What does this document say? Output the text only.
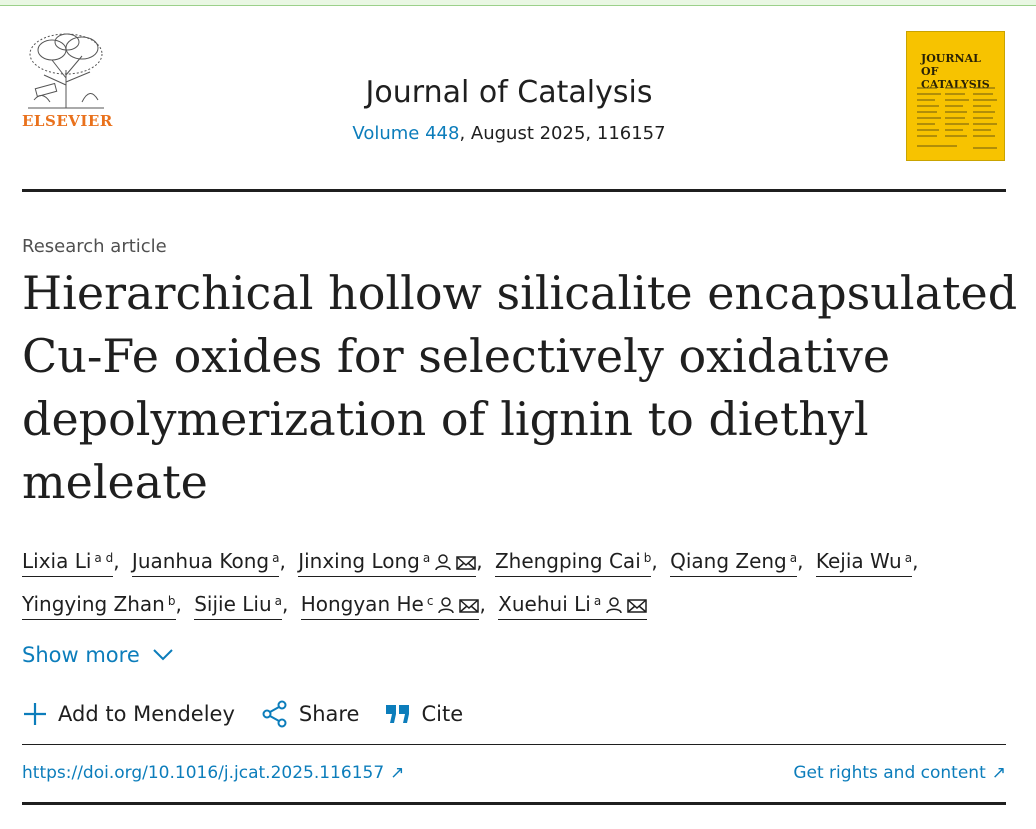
ELSEVIER
Journal of Catalysis
Volume 448, August 2025, 116157
JOURNAL OF CATALYSIS
Research article
Hierarchical hollow silicalite encapsulated
Cu-Fe oxides for selectively oxidative
depolymerization of lignin to diethyl
meleate
Lixia Li $^{a d}$, Juanhua Kong $^a$, Jinxing Long $^a$ , Zhengping Cai $^b$, Qiang Zeng $^a$, Kejia Wu $^a$, Yingying Zhan $^b$, Sijie Liu $^a$, Hongyan He $^c$ , Xuehui Li $^a$
Show more
Add to Mendeley	Share	Cite
https://doi.org/10.1016/j.jcat.2025.116157 ↗	Get rights and content ↗
